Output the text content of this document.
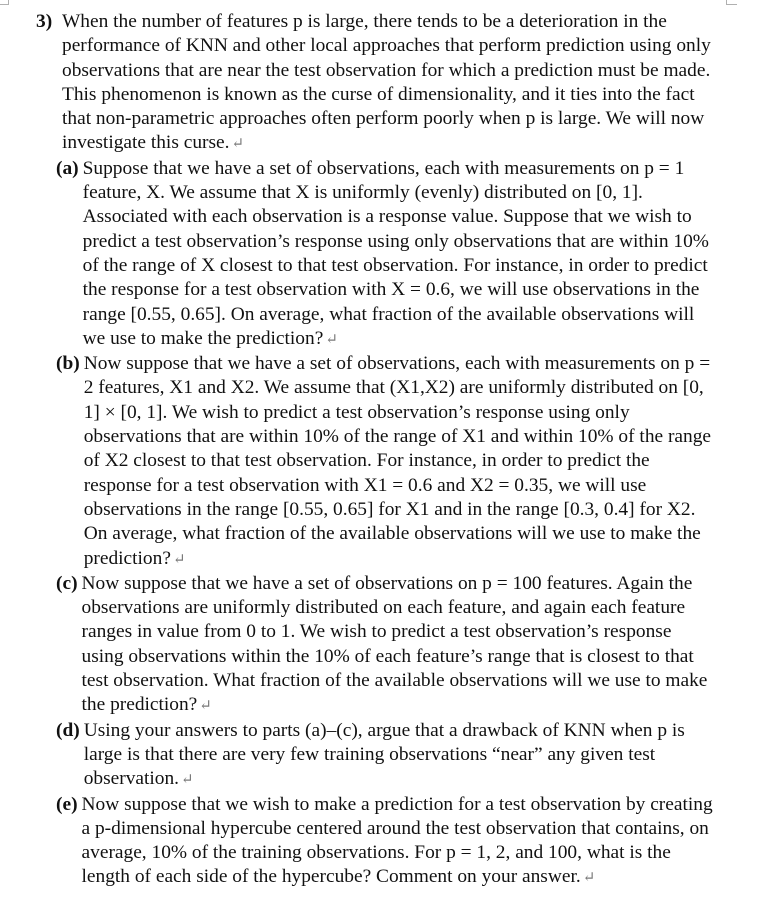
3) When the number of features p is large, there tends to be a deterioration in the performance of KNN and other local approaches that perform prediction using only observations that are near the test observation for which a prediction must be made. This phenomenon is known as the curse of dimensionality, and it ties into the fact that non-parametric approaches often perform poorly when p is large. We will now investigate this curse. ↵
(a) Suppose that we have a set of observations, each with measurements on p = 1 feature, X. We assume that X is uniformly (evenly) distributed on [0, 1]. Associated with each observation is a response value. Suppose that we wish to predict a test observation’s response using only observations that are within 10% of the range of X closest to that test observation. For instance, in order to predict the response for a test observation with X = 0.6, we will use observations in the range [0.55, 0.65]. On average, what fraction of the available observations will we use to make the prediction? ↵
(b) Now suppose that we have a set of observations, each with measurements on p = 2 features, X1 and X2. We assume that (X1,X2) are uniformly distributed on [0, 1] × [0, 1]. We wish to predict a test observation’s response using only observations that are within 10% of the range of X1 and within 10% of the range of X2 closest to that test observation. For instance, in order to predict the response for a test observation with X1 = 0.6 and X2 = 0.35, we will use observations in the range [0.55, 0.65] for X1 and in the range [0.3, 0.4] for X2. On average, what fraction of the available observations will we use to make the prediction? ↵
(c) Now suppose that we have a set of observations on p = 100 features. Again the observations are uniformly distributed on each feature, and again each feature ranges in value from 0 to 1. We wish to predict a test observation’s response using observations within the 10% of each feature’s range that is closest to that test observation. What fraction of the available observations will we use to make the prediction? ↵
(d) Using your answers to parts (a)–(c), argue that a drawback of KNN when p is large is that there are very few training observations “near” any given test observation. ↵
(e) Now suppose that we wish to make a prediction for a test observation by creating a p-dimensional hypercube centered around the test observation that contains, on average, 10% of the training observations. For p = 1, 2, and 100, what is the length of each side of the hypercube? Comment on your answer. ↵
